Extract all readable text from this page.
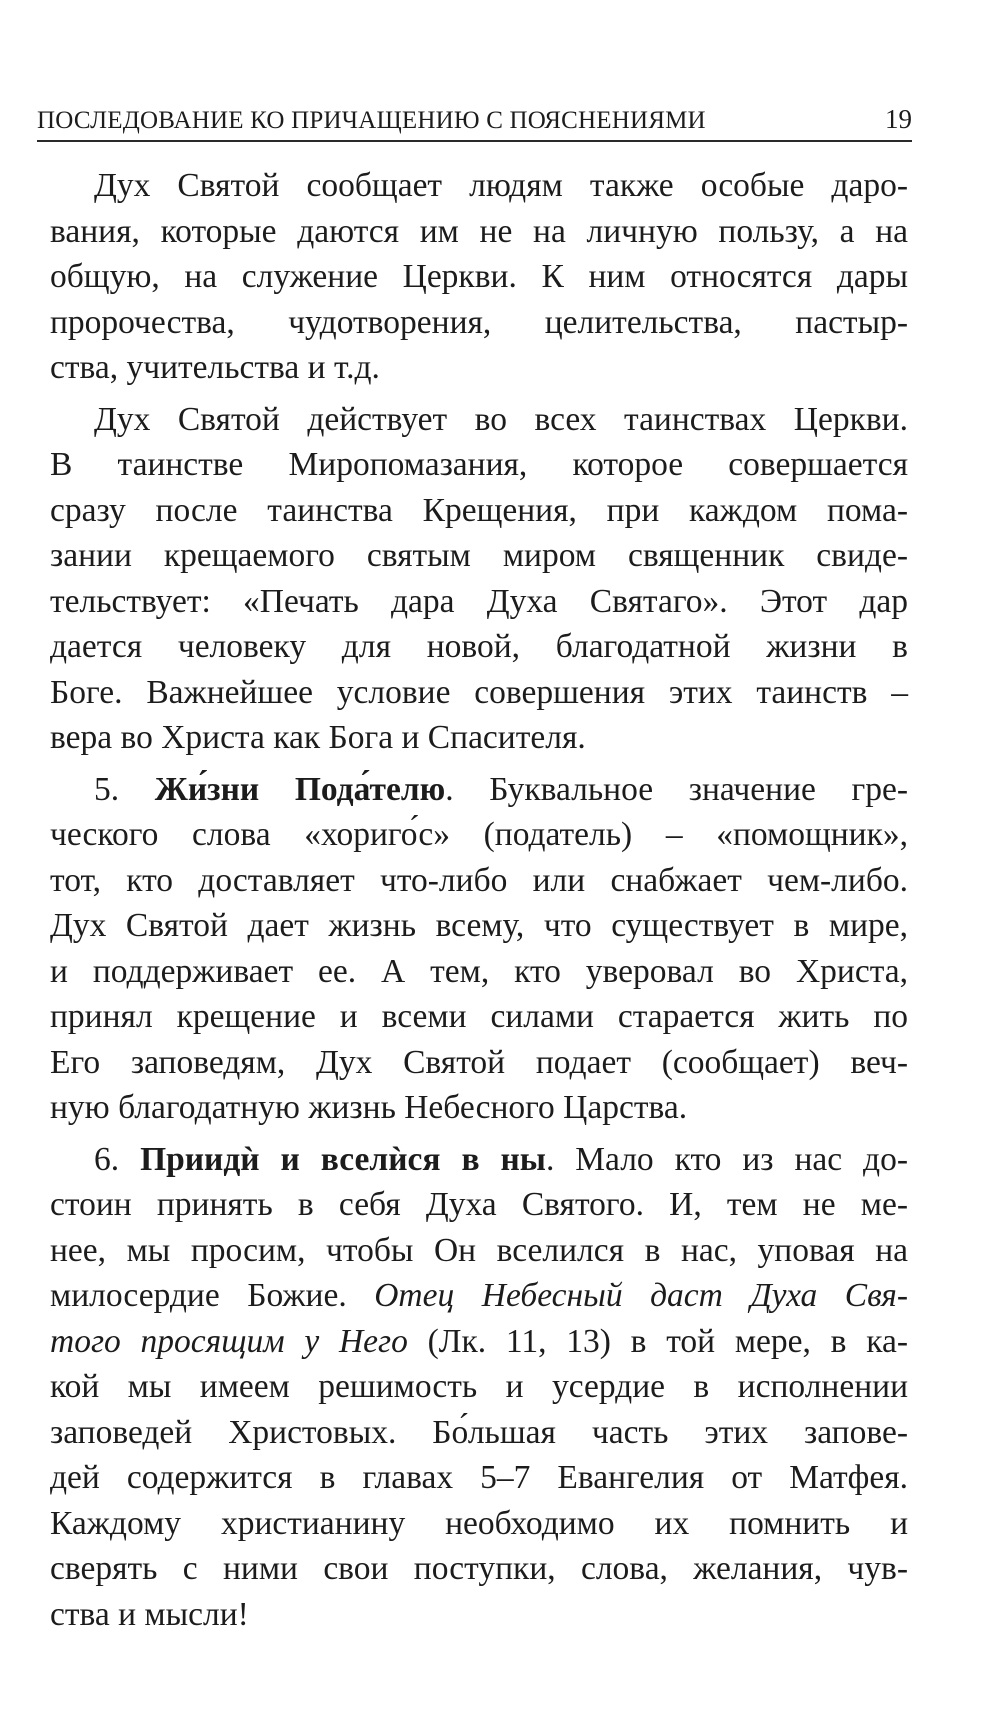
ПОСЛЕДОВАНИЕ КО ПРИЧАЩЕНИЮ С ПОЯСНЕНИЯМИ	19
Дух Святой сообщает людям также особые даро-
вания, которые даются им не на личную пользу, а на
общую, на служение Церкви. К ним относятся дары
пророчества, чудотворения, целительства, пастыр-
ства, учительства и т.д.
Дух Святой действует во всех таинствах Церкви.
В таинстве Миропомазания, которое совершается
сразу после таинства Крещения, при каждом пома-
зании крещаемого святым миром священник свиде-
тельствует: «Печать дара Духа Святаго». Этот дар
дается человеку для новой, благодатной жизни в
Боге. Важнейшее условие совершения этих таинств –
вера во Христа как Бога и Спасителя.
5. Жи́зни Пода́телю. Буквальное значение гре-
ческого слова «хориго́с» (податель) – «помощник»,
тот, кто доставляет что-либо или снабжает чем-либо.
Дух Святой дает жизнь всему, что существует в мире,
и поддерживает ее. А тем, кто уверовал во Христа,
принял крещение и всеми силами старается жить по
Его заповедям, Дух Святой подает (сообщает) веч-
ную благодатную жизнь Небесного Царства.
6. Приидѝ и вселѝся в ны. Мало кто из нас до-
стоин принять в себя Духа Святого. И, тем не ме-
нее, мы просим, чтобы Он вселился в нас, уповая на
милосердие Божие. Отец Небесный даст Духа Свя-
того просящим у Него (Лк. 11, 13) в той мере, в ка-
кой мы имеем решимость и усердие в исполнении
заповедей Христовых. Бо́льшая часть этих запове-
дей содержится в главах 5–7 Евангелия от Матфея.
Каждому христианину необходимо их помнить и
сверять с ними свои поступки, слова, желания, чув-
ства и мысли!
